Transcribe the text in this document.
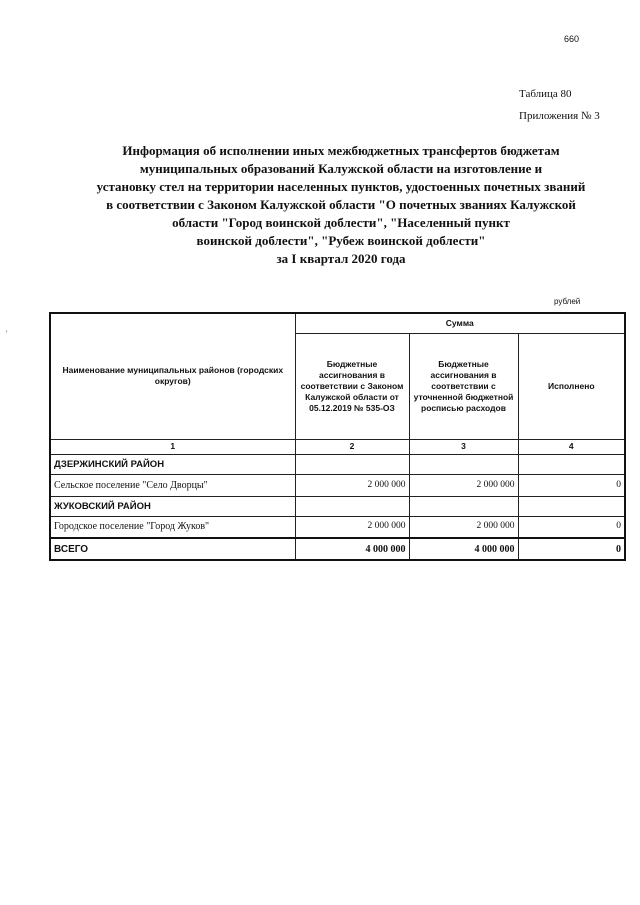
660
Таблица 80
Приложения № 3
Информация об исполнении иных межбюджетных трансфертов бюджетам
муниципальных образований Калужской области на изготовление и
установку стел на территории населенных пунктов, удостоенных почетных званий
в соответствии с Законом Калужской области "О почетных званиях Калужской
области "Город воинской доблести", "Населенный пункт
воинской доблести", "Рубеж воинской доблести"
за I квартал 2020 года
рублей
'
Наименование муниципальных районов (городских округов)	Сумма		
	Бюджетные ассигнования в соответствии с Законом Калужской области от 05.12.2019 № 535-ОЗ	Бюджетные ассигнования в соответствии с уточненной бюджетной росписью расходов	Исполнено
1	2	3	4
ДЗЕРЖИНСКИЙ РАЙОН			
Сельское поселение "Село Дворцы"	2 000 000	2 000 000	0
ЖУКОВСКИЙ РАЙОН			
Городское поселение "Город Жуков"	2 000 000	2 000 000	0
ВСЕГО	4 000 000	4 000 000	0
